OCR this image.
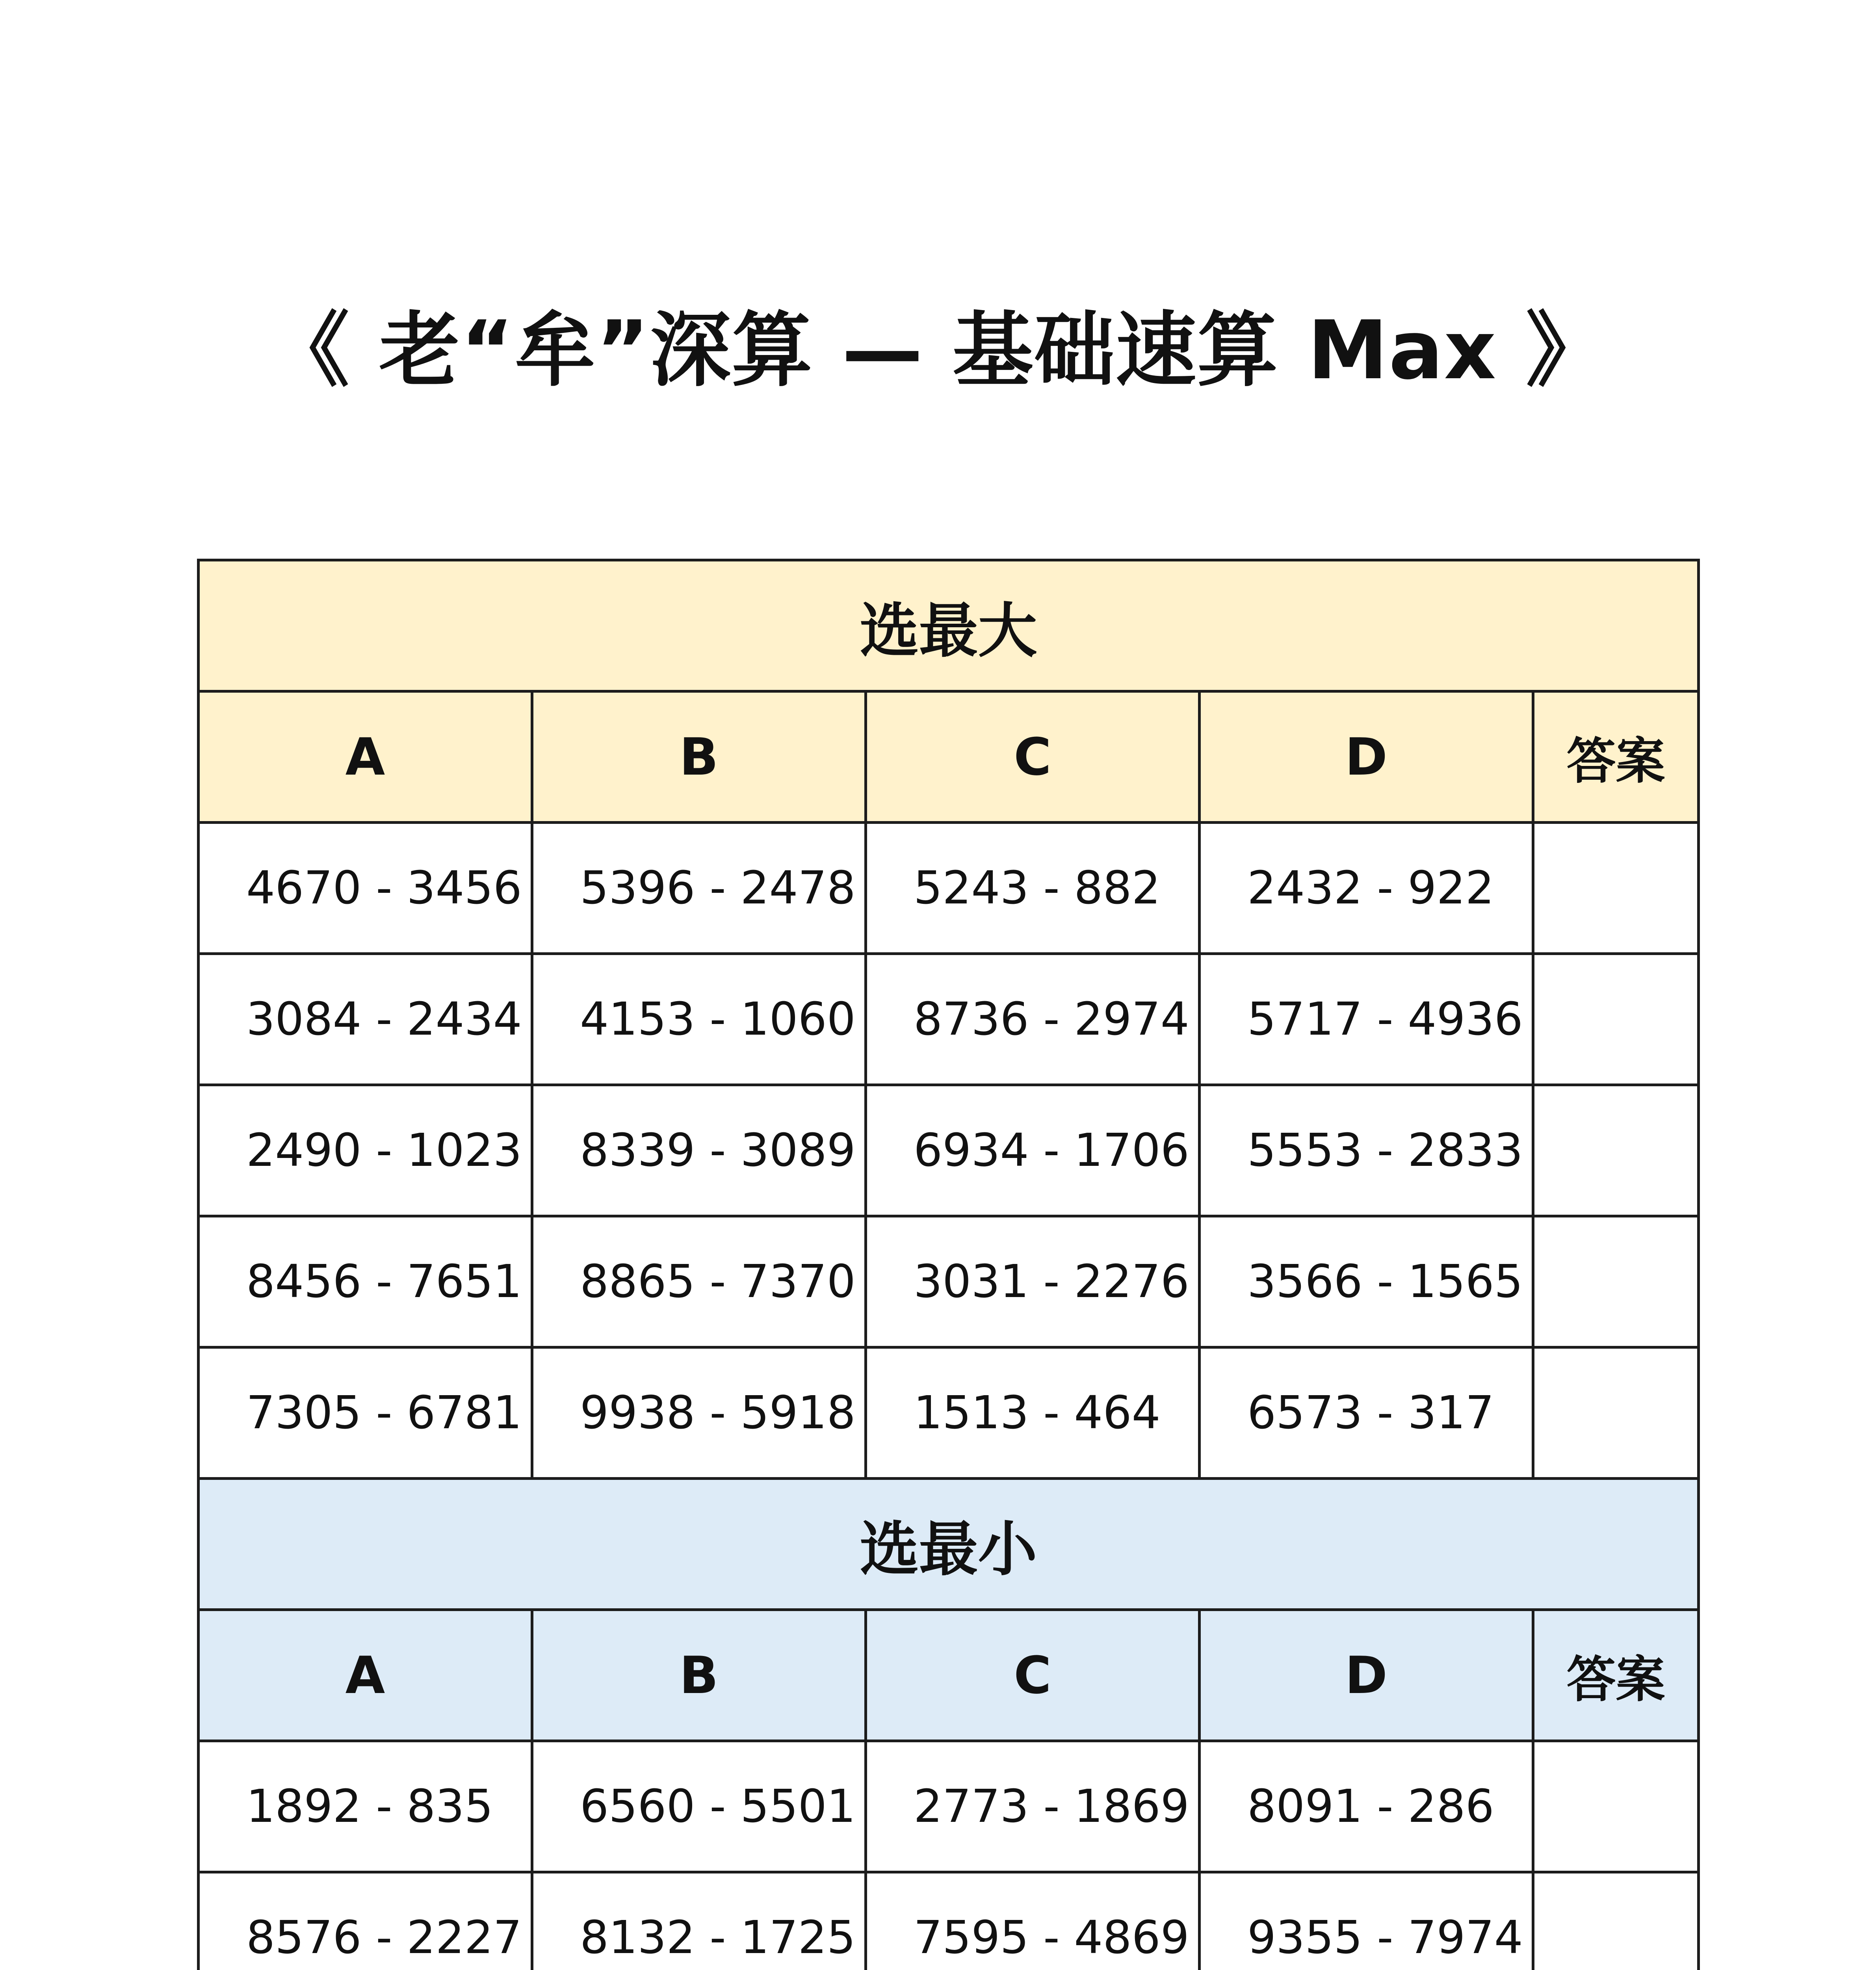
《 老“牟”深算 — 基础速算 Max 》
选最大				
A	B	C	D	答案
4670 - 3456	5396 - 2478	5243 - 882	2432 - 922	
3084 - 2434	4153 - 1060	8736 - 2974	5717 - 4936	
2490 - 1023	8339 - 3089	6934 - 1706	5553 - 2833	
8456 - 7651	8865 - 7370	3031 - 2276	3566 - 1565	
7305 - 6781	9938 - 5918	1513 - 464	6573 - 317	
选最小				
A	B	C	D	答案
1892 - 835	6560 - 5501	2773 - 1869	8091 - 286	
8576 - 2227	8132 - 1725	7595 - 4869	9355 - 7974	
